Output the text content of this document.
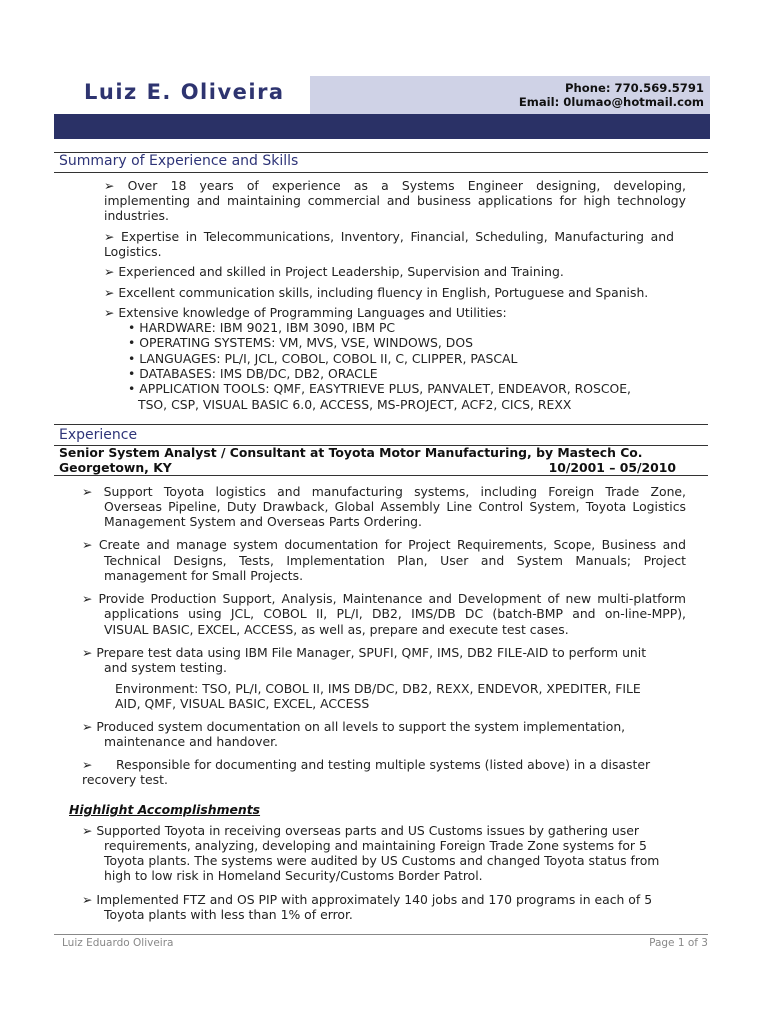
Luiz E. Oliveira	Phone: 770.569.5791
Email: 0lumao@hotmail.com
Summary of Experience and Skills
➢ Over 18 years of experience as a Systems Engineer designing, developing,
implementing and maintaining commercial and business applications for high technology
industries.
➢ Expertise in Telecommunications, Inventory, Financial, Scheduling, Manufacturing and
Logistics.
➢ Experienced and skilled in Project Leadership, Supervision and Training.
➢ Excellent communication skills, including fluency in English, Portuguese and Spanish.
➢ Extensive knowledge of Programming Languages and Utilities:
• HARDWARE: IBM 9021, IBM 3090, IBM PC
• OPERATING SYSTEMS: VM, MVS, VSE, WINDOWS, DOS
• LANGUAGES: PL/I, JCL, COBOL, COBOL II, C, CLIPPER, PASCAL
• DATABASES: IMS DB/DC, DB2, ORACLE
• APPLICATION TOOLS: QMF, EASYTRIEVE PLUS, PANVALET, ENDEAVOR, ROSCOE,
TSO, CSP, VISUAL BASIC 6.0, ACCESS, MS-PROJECT, ACF2, CICS, REXX
Experience
Senior System Analyst / Consultant at Toyota Motor Manufacturing, by Mastech Co.
Georgetown, KY	10/2001 – 05/2010
➢ Support Toyota logistics and manufacturing systems, including Foreign Trade Zone,
Overseas Pipeline, Duty Drawback, Global Assembly Line Control System, Toyota Logistics
Management System and Overseas Parts Ordering.
➢ Create and manage system documentation for Project Requirements, Scope, Business and
Technical Designs, Tests, Implementation Plan, User and System Manuals; Project
management for Small Projects.
➢ Provide Production Support, Analysis, Maintenance and Development of new multi-platform
applications using JCL, COBOL II, PL/I, DB2, IMS/DB DC (batch-BMP and on-line-MPP),
VISUAL BASIC, EXCEL, ACCESS, as well as, prepare and execute test cases.
➢ Prepare test data using IBM File Manager, SPUFI, QMF, IMS, DB2 FILE-AID to perform unit
and system testing.
Environment: TSO, PL/I, COBOL II, IMS DB/DC, DB2, REXX, ENDEVOR, XPEDITER, FILE
AID, QMF, VISUAL BASIC, EXCEL, ACCESS
➢ Produced system documentation on all levels to support the system implementation,
maintenance and handover.
➢      Responsible for documenting and testing multiple systems (listed above) in a disaster
recovery test.
Highlight Accomplishments
➢ Supported Toyota in receiving overseas parts and US Customs issues by gathering user
requirements, analyzing, developing and maintaining Foreign Trade Zone systems for 5
Toyota plants. The systems were audited by US Customs and changed Toyota status from
high to low risk in Homeland Security/Customs Border Patrol.
➢ Implemented FTZ and OS PIP with approximately 140 jobs and 170 programs in each of 5
Toyota plants with less than 1% of error.
Luiz Eduardo Oliveira	Page 1 of 3
